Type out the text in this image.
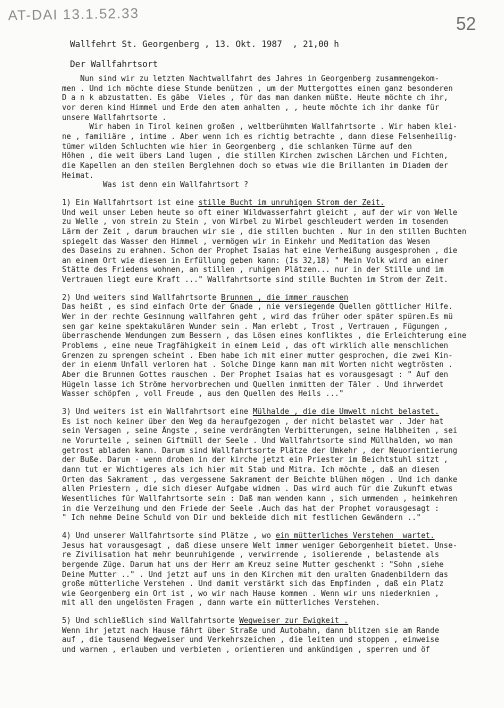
AT-DAI 13.1.52.33
52
Wallfehrt St. Georgenberg , 13. Okt. 1987  , 21,00 h
Der Wallfahrtsort
Nun sind wir zu letzten Nachtwallfahrt des Jahres in Georgenberg zusammengekom-
men . Und ich möchte diese Stunde benützen , um der Muttergottes einen ganz besonderen
D a n k abzustatten. Es gäbe  Vieles , für das man danken müßte. Heute möchte ch ihr,
vor deren kind Himmel und Erde den atem anhalten , , heute möchte ich ihr danke für
unsere Wallfahrtsorte .
Wir haben in Tirol keinen großen , weltberühmten Wallfahrtsorte . Wir haben klei-
ne , familiäre , intime . Aber wenn ich es richtig betrachte , dann diese Felsenheilig-
tümer wilden Schluchten wie hier in Georgenberg , die schlanken Türme auf den
Höhen , die weit übers Land lugen , die stillen Kirchen zwischen Lärchen und Fichten,
die Kapellen an den steilen Berglehnen doch so etwas wie die Brillanten im Diadem der
Heimat.
Was ist denn ein Wallfahrtsort ?
1) Ein Wallfahrtsort ist eine stille Bucht im unruhigen Strom der Zeit.
Und weil unser Leben heute so oft einer Wildwasserfahrt gleicht , auf der wir von Welle
zu Welle , von strein zu Stein , von Wirbel zu Wirbel geschleudert werden im tosenden
Lärm der Zeit , darum brauchen wir sie , die stillen buchten . Nur in den stillen Buchten
spiegelt das Wasser den Himmel , vermögen wir in Einkehr und Meditation das Wesen
des Daseins zu erahnen. Schon der Prophet Isaias hat eine Verheißung ausgesprohen , die
an einem Ort wie diesen in Erfüllung geben kann: (Is 32,18) " Mein Volk wird an einer
Stätte des Friedens wohnen, an stillen , ruhigen Plätzen... nur in der Stille und im
Vertrauen liegt eure Kraft ..." Wallfahrtsorte sind stille Buchten im Strom der Zeit.
2) Und weiters sind Wallfahrtsorte Brunnen , die immer rauschen
Das heißt , es sind einfach Orte der Gnade , nie versiegende Quellen göttlicher Hilfe.
Wer in der rechte Gesinnung wallfahren geht , wird das früher oder später spüren.Es mü
sen gar keine spektakulären Wunder sein . Man erlebt , Trost , Vertrauen , Fügungen ,
überraschende Wendungen zum Bessern , das Lösen eines konfliktes , die Erleichterung eine
Problems , eine neue Tragfähigkeit in einem Leid , das oft wirklich alle menschlichen
Grenzen zu sprengen scheint . Eben habe ich mit einer mutter gesprochen, die zwei Kin-
der in eienm Unfall verloren hat . Solche Dinge kann man mit Worten nicht wegtrösten .
Aber die Brunnen Gottes rauschen . Der Prophet Isaias hat es vorausgesagt : " Auf den
Hügeln lasse ich Ströme hervorbrechen und Quellen inmitten der Täler . Und ihrwerdet
Wasser schöpfen , voll Freude , aus den Quellen des Heils ..."
3) Und weiters ist ein Wallfahrtsort eine Mülhalde , die die Umwelt nicht belastet.
Es ist noch keiner über den Weg da heraufgezogen , der nicht belastet war . Jder hat
sein Versagen , seine Ängste , seine verdrängten Verbitterungen, seine Halbheiten , sei
ne Vorurteile , seinen Giftmüll der Seele . Und Wallfahrtsorte sind Müllhalden, wo man
getrost abladen kann. Darum sind Wallfahrtsorte Plätze der Umkehr , der Neuorientierung
der Buße. Darum - wenn droben in der kirche jetzt ein Priester im Beichtstuhl sitzt ,
dann tut er Wichtigeres als ich hier mit Stab und Mitra. Ich möchte , daß an diesen
Orten das Sakrament , das vergessene Sakrament der Beichte blühen mögen . Und ich danke
allen Priestern , die sich dieser Aufgabe widmen . Das wird auch für die Zukunft etwas
Wesentliches für Wallfahrtsorte sein : Daß man wenden kann , sich ummenden , heimkehren
in die Verzeihung und den Friede der Seele .Auch das hat der Prophet vorausgesagt :
" Ich nehme Deine Schuld von Dir und bekleide dich mit festlichen Gewändern .."
4) Und unserer Wallfahrtsorte sind Plätze , wo ein mütterliches Verstehen  wartet.
Jesus hat vorausgesagt , daß diese unsere Welt immer weniger Geborgenheit bietet. Unse-
re Zivilisation hat mehr beunruhigende , verwirrende , isolierende , belastende als
bergende Züge. Darum hat uns der Herr am Kreuz seine Mutter geschenkt : "Sohn ,siehe
Deine Mutter .." . Und jetzt auf uns in den Kirchen mit den uralten Gnadenbildern das
große mütterliche Verstehen . Und damit verstärkt sich das Empfinden , daß ein Platz
wie Georgenberg ein Ort ist , wo wir nach Hause kommen . Wenn wir uns niederknien ,
mit all den ungelösten Fragen , dann warte ein mütterliches Verstehen.
5) Und schließlich sind Wallfahrtsorte Wegweiser zur Ewigkeit .
Wenn ihr jetzt nach Hause fährt über Straße und Autobahn, dann blitzen sie am Rande
auf , die tausend Wegweiser und Verkehrszeichen , die leiten und stoppen , einweise
und warnen , erlauben und verbieten , orientieren und ankündigen , sperren und öf
